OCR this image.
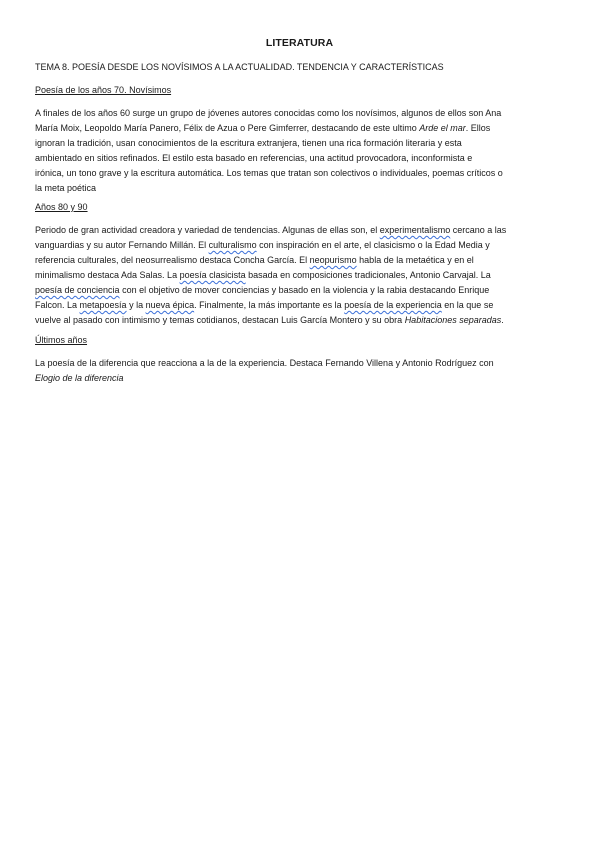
LITERATURA
TEMA 8. POESÍA DESDE LOS NOVÍSIMOS A LA ACTUALIDAD. TENDENCIA Y CARACTERÍSTICAS
Poesía de los años 70. Novísimos
A finales de los años 60 surge un grupo de jóvenes autores conocidas como los novísimos, algunos de ellos son Ana
María Moix, Leopoldo María Panero, Félix de Azua o Pere Gimferrer, destacando de este ultimo Arde el mar. Ellos
ignoran la tradición, usan conocimientos de la escritura extranjera, tienen una rica formación literaria y esta
ambientado en sitios refinados. El estilo esta basado en referencias, una actitud provocadora, inconformista e
irónica, un tono grave y la escritura automática. Los temas que tratan son colectivos o individuales, poemas críticos o
la meta poética
Años 80 y 90
Periodo de gran actividad creadora y variedad de tendencias. Algunas de ellas son, el experimentalismo cercano a las
vanguardias y su autor Fernando Millán. El culturalismo con inspiración en el arte, el clasicismo o la Edad Media y
referencia culturales, del neosurrealismo destaca Concha García. El neopurismo habla de la metaética y en el
minimalismo destaca Ada Salas. La poesía clasicista basada en composiciones tradicionales, Antonio Carvajal. La
poesía de conciencia con el objetivo de mover conciencias y basado en la violencia y la rabia destacando Enrique
Falcon. La metapoesía y la nueva épica. Finalmente, la más importante es la poesía de la experiencia en la que se
vuelve al pasado con intimismo y temas cotidianos, destacan Luis García Montero y su obra Habitaciones separadas.
Últimos años
La poesía de la diferencia que reacciona a la de la experiencia. Destaca Fernando Villena y Antonio Rodríguez con
Elogio de la diferencia
